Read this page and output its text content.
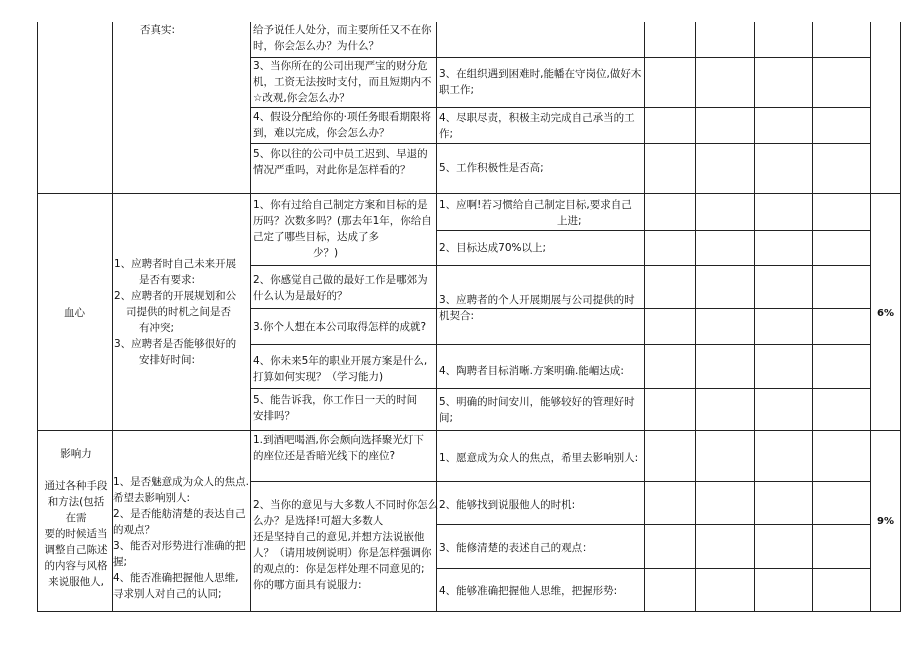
否真实:	给予说任人处分，而主要所任又不在你
时，你会怎么办？为什么？
3、当你所在的公司出现严宝的财分危
机，工资无法按时支付，而且短期内不
☆改观,你会怎么办？
4、假设分配给你的·项任务眼看期限将
到，难以完成，你会怎么办？
5、你以往的公司中员工迟到、早退的
情况严重吗，对此你是怎样看的？
3、在组织遇到困难时,能幡在守岗位,做好木
职工作;
4、尽职尽责，积极主动完成自己承当的工
作;
5、工作积极性是否高;
血心
1、应聘者时自己未来开展
是否有要求:
2、应聘者的开展规划和公
司提供的时机之间是否
有冲突;
3、应聘者是否能够很好的
安排好时间:
1、你有过给自己制定方案和目标的是
历吗？次数多吗？(那去年1年，你给自
己定了哪些目标，达成了多
少？)
2、你感觉自己做的最好工作是哪郊为
什么认为是最好的？
3.你个人想在本公司取得怎样的成就?
4、你未来5年的职业开展方案是什么,
打算如何实现？（学习能力)
5、能告诉我，你工作日一天的时间
安排吗？
1、应啊!若习惯给自己制定目标,要求自己
上进;
2、目标达成70%以上;
3、应聘者的个人开展期展与公司提供的时
机契合:
4、陶聘者目标消晰.方案明确.能嵋达成:
5、明确的时间安川，能够较好的管理好时
间;
6%
影响力

通过各种手段
和方法(包括
在需
要的时候适当
调整自己陈述
的内容与风格
来说服他人,
1、是否魅意成为众人的焦点.
希望去影响别人:
2、是否能舫清楚的表达自己
的观点？
3、能否对形势进行准确的把
握;
4、能否准确把握他人思维,
寻求别人对自己的认同;
1.到酒吧喝酒,你会颇向选择聚光灯下
的座位还是香暗光线下的座位?
2、当你的意见与大多数人不同时你怎么
么办？是选择!可超大多数人
还是坚持自己的意见,并想方法说嵌他
人？（请用坡例说明）你是怎样强调你
的观点的：你是怎样处理不同意见的;
你的哪方面具有说服力:
1、愿意成为众人的焦点，希里去影响别人:
2、能够找到说服他人的时机:
3、能修清楚的表述自己的观点：
4、能够准确把握他人思维，把握形势:
9%
